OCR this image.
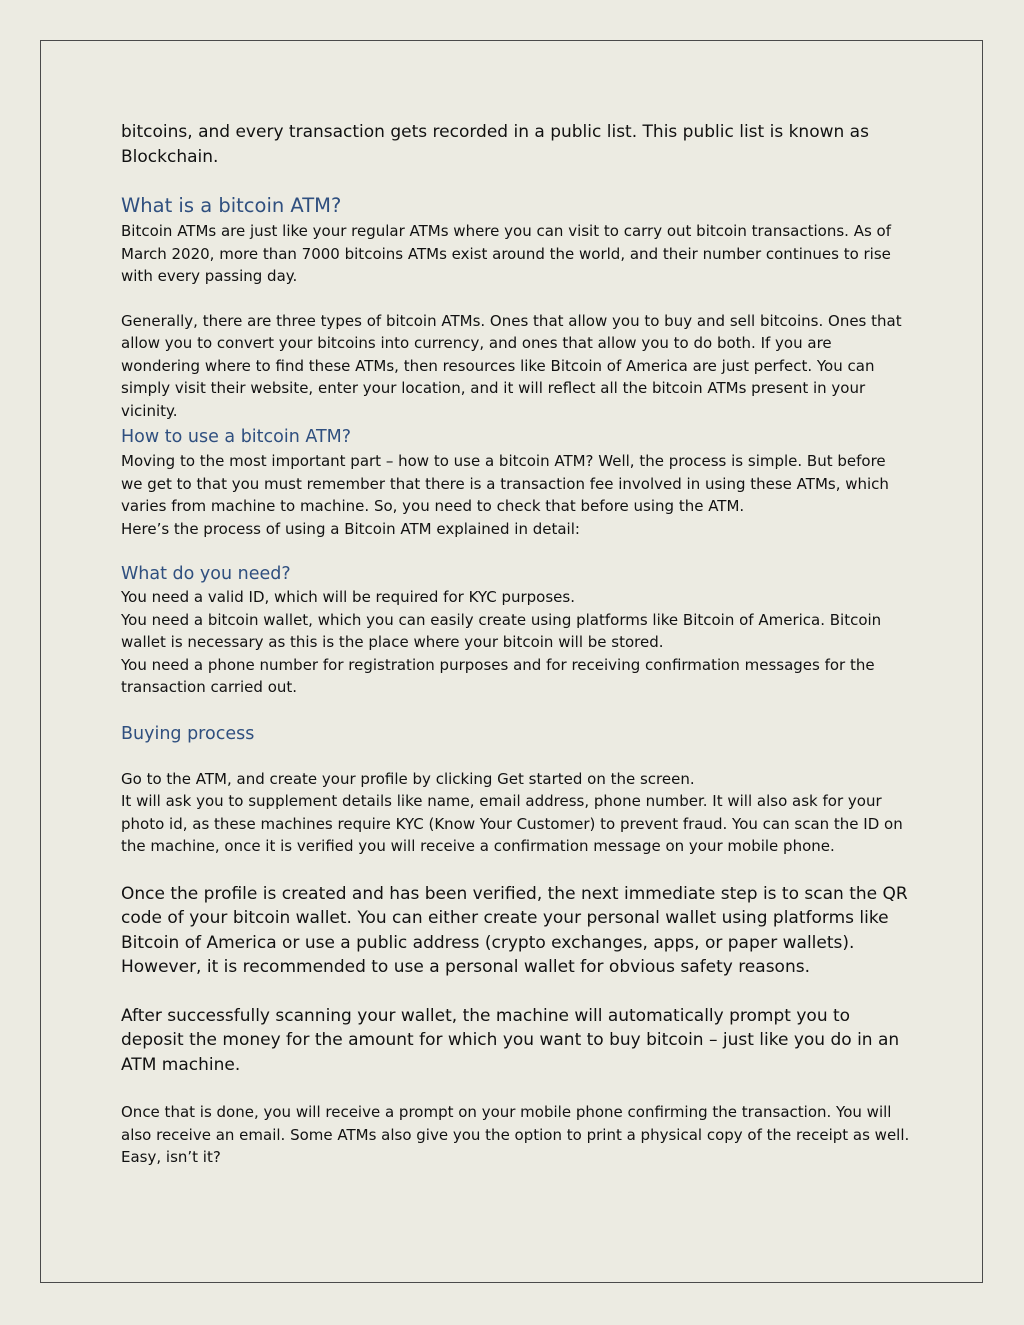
bitcoins, and every transaction gets recorded in a public list. This public list is known as Blockchain.

What is a bitcoin ATM?

Bitcoin ATMs are just like your regular ATMs where you can visit to carry out bitcoin transactions. As of March 2020, more than 7000 bitcoins ATMs exist around the world, and their number continues to rise with every passing day.

Generally, there are three types of bitcoin ATMs. Ones that allow you to buy and sell bitcoins. Ones that allow you to convert your bitcoins into currency, and ones that allow you to do both. If you are wondering where to find these ATMs, then resources like Bitcoin of America are just perfect. You can simply visit their website, enter your location, and it will reflect all the bitcoin ATMs present in your vicinity.

How to use a bitcoin ATM?

Moving to the most important part – how to use a bitcoin ATM? Well, the process is simple. But before we get to that you must remember that there is a transaction fee involved in using these ATMs, which varies from machine to machine. So, you need to check that before using the ATM.

Here’s the process of using a Bitcoin ATM explained in detail:

What do you need?

You need a valid ID, which will be required for KYC purposes.

You need a bitcoin wallet, which you can easily create using platforms like Bitcoin of America. Bitcoin wallet is necessary as this is the place where your bitcoin will be stored.

You need a phone number for registration purposes and for receiving confirmation messages for the transaction carried out.

Buying process

Go to the ATM, and create your profile by clicking Get started on the screen.

It will ask you to supplement details like name, email address, phone number. It will also ask for your photo id, as these machines require KYC (Know Your Customer) to prevent fraud. You can scan the ID on the machine, once it is verified you will receive a confirmation message on your mobile phone.

Once the profile is created and has been verified, the next immediate step is to scan the QR code of your bitcoin wallet. You can either create your personal wallet using platforms like Bitcoin of America or use a public address (crypto exchanges, apps, or paper wallets). However, it is recommended to use a personal wallet for obvious safety reasons.

After successfully scanning your wallet, the machine will automatically prompt you to deposit the money for the amount for which you want to buy bitcoin – just like you do in an ATM machine.

Once that is done, you will receive a prompt on your mobile phone confirming the transaction. You will also receive an email. Some ATMs also give you the option to print a physical copy of the receipt as well. Easy, isn’t it?
